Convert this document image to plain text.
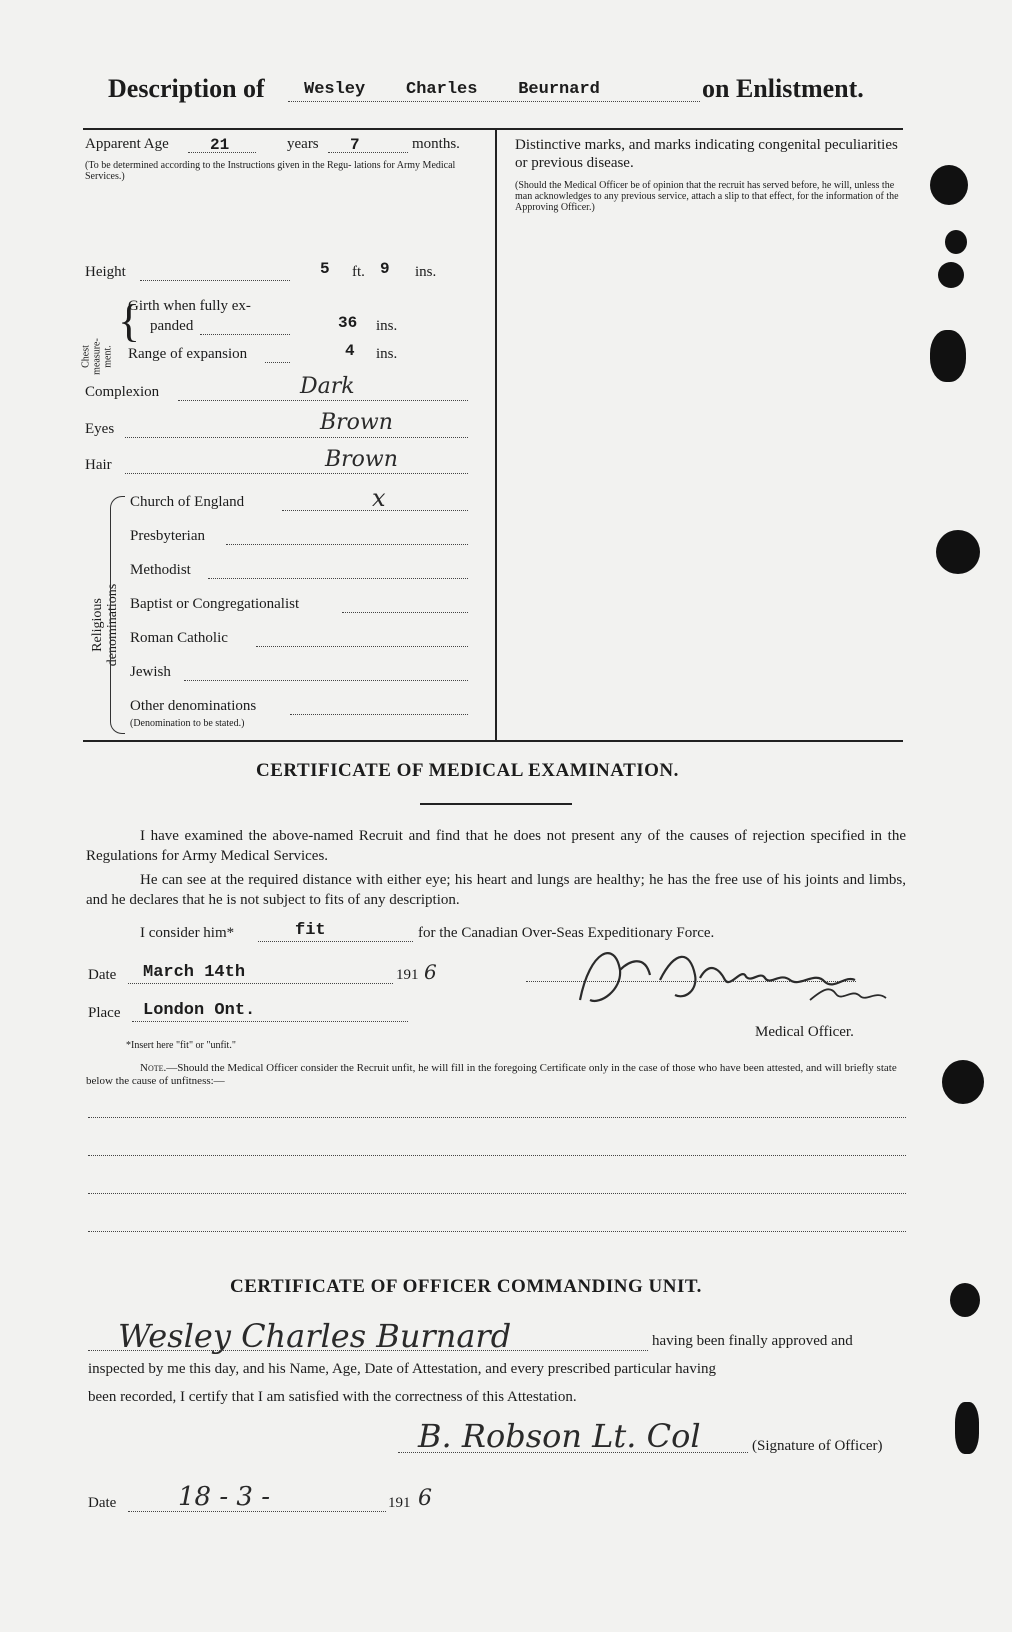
Description of Wesley    Charles    Beurnard	on Enlistment.
Apparent Age	21	years 7	months.
(To be determined according to the Instructions given in the Regu- lations for Army Medical Services.)
Height	5 ft. 9 ins.
Chest measure- ment.
{
Girth when fully ex-
panded	36 ins.
Range of expansion	4 ins.
Complexion	Dark
Eyes	Brown
Hair	Brown
Religious denominations
Church of England	x
Presbyterian
Methodist
Baptist or Congregationalist
Roman Catholic
Jewish
Other denominations
(Denomination to be stated.)
Distinctive marks, and marks indicating congenital peculiarities or previous disease.
(Should the Medical Officer be of opinion that the recruit has served before, he will, unless the man acknowledges to any previous service, attach a slip to that effect, for the information of the Approving Officer.)
CERTIFICATE OF MEDICAL EXAMINATION.
I have examined the above-named Recruit and find that he does not present any of the causes of rejection specified in the Regulations for Army Medical Services.
He can see at the required distance with either eye; his heart and lungs are healthy; he has the free use of his joints and limbs, and he declares that he is not subject to fits of any description.
I consider him*	fit	for the Canadian Over-Seas Expeditionary Force.
Date March 14th	191 6
Place London Ont.
A S Duncan	Medical Officer.
*Insert here "fit" or "unfit."
Note.—Should the Medical Officer consider the Recruit unfit, he will fill in the foregoing Certificate only in the case of those who have been attested, and will briefly state below the cause of unfitness:—
CERTIFICATE OF OFFICER COMMANDING UNIT.
Wesley Charles Burnard	having been finally approved and
inspected by me this day, and his Name, Age, Date of Attestation, and every prescribed particular having
been recorded, I certify that I am satisfied with the correctness of this Attestation.
B. Robson Lt. Col	(Signature of Officer)
Date 18 - 3 -	191 6
